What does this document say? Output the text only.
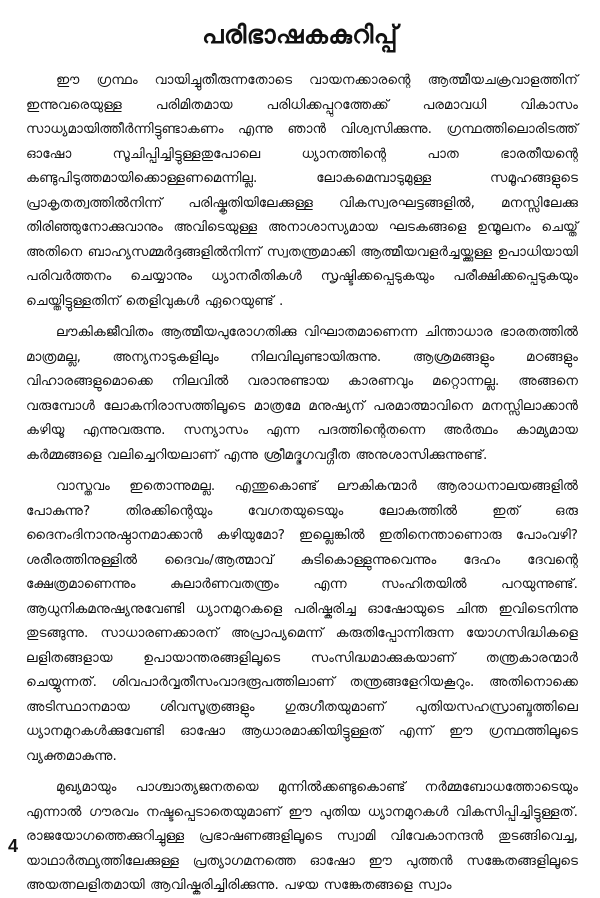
പരിഭാഷകകുറിപ്പ്

ഈ ഗ്രന്ഥം വായിച്ചുതീരുന്നതോടെ വായനക്കാരന്റെ ആത്മീയചക്രവാളത്തിന് ഇന്നുവരെയുള്ള പരിമിതമായ പരിധിക്കപ്പുറത്തേക്ക് പരമാവധി വികാസം സാധ്യമായിത്തീർന്നിട്ടുണ്ടാകണം എന്നു ഞാൻ വിശ്വസിക്കുന്നു. ഗ്രന്ഥത്തിലൊരിടത്ത് ഓഷോ സൂചിപ്പിച്ചിട്ടുള്ളതുപോലെ ധ്യാനത്തിന്റെ പാത ഭാരതീയന്റെ കണ്ടുപിടുത്തമായിക്കൊള്ളണമെന്നില്ല. ലോകമെമ്പാടുമുള്ള സമൂഹങ്ങളുടെ പ്രാകൃതത്വത്തിൽനിന്ന് പരിഷ്കൃതിയിലേക്കുള്ള വികസ്വരഘട്ടങ്ങളിൽ, മനസ്സിലേക്കു തിരിഞ്ഞുനോക്കുവാനും അവിടെയുള്ള അനാശാസ്യമായ ഘടകങ്ങളെ ഉന്മൂലനം ചെയ്ത് അതിനെ ബാഹ്യസമ്മർദ്ദങ്ങളിൽനിന്ന് സ്വതന്ത്രമാക്കി ആത്മീയവളർച്ചയ്ക്കുള്ള ഉപാധിയായി പരിവർത്തനം ചെയ്യാനും ധ്യാനരീതികൾ സൃഷ്ടിക്കപ്പെടുകയും പരീക്ഷിക്കപ്പെടുകയും ചെയ്തിട്ടുള്ളതിന് തെളിവുകൾ ഏറെയുണ്ട് .

ലൗകികജീവിതം ആത്മീയപുരോഗതിക്കു വിഘാതമാണെന്ന ചിന്താധാര ഭാരതത്തിൽ മാത്രമല്ല, അന്യനാടുകളിലും നിലവിലുണ്ടായിരുന്നു. ആശ്രമങ്ങളും മഠങ്ങളും വിഹാരങ്ങളുമൊക്കെ നിലവിൽ വരാനുണ്ടായ കാരണവും മറ്റൊന്നല്ല. അങ്ങനെ വരുമ്പോൾ ലോകനിരാസത്തിലൂടെ മാത്രമേ മനുഷ്യന് പരമാത്മാവിനെ മനസ്സിലാക്കാൻ കഴിയൂ എന്നുവരുന്നു. സന്യാസം എന്ന പദത്തിന്റെതന്നെ അർത്ഥം കാമ്യമായ കർമ്മങ്ങളെ വലിച്ചെറിയലാണ് എന്നു ശ്രീമദ്ഭഗവദ്ഗീത അനുശാസിക്കുന്നുണ്ട്.

വാസ്തവം ഇതൊന്നുമല്ല. എന്തുകൊണ്ട് ലൗകികന്മാർ ആരാധനാലയങ്ങളിൽ പോകുന്നു? തിരക്കിന്റെയും വേഗതയുടെയും ലോകത്തിൽ ഇത് ഒരു ദൈനംദിനാനുഷ്ഠാനമാക്കാൻ കഴിയുമോ? ഇല്ലെങ്കിൽ ഇതിനെന്താണൊരു പോംവഴി? ശരീരത്തിനുള്ളിൽ ദൈവം/ആത്മാവ് കുടികൊള്ളുന്നുവെന്നും ദേഹം ദേവന്റെ ക്ഷേത്രമാണെന്നും കുലാർണവതന്ത്രം എന്ന സംഹിതയിൽ പറയുന്നുണ്ട്. ആധുനികമനുഷ്യനുവേണ്ടി ധ്യാനമുറകളെ പരിഷ്കരിച്ച ഓഷോയുടെ ചിന്ത ഇവിടെനിന്നു തുടങ്ങുന്നു. സാധാരണക്കാരന് അപ്രാപ്യമെന്ന് കരുതിപ്പോന്നിരുന്ന യോഗസിദ്ധികളെ ലളിതങ്ങളായ ഉപായാന്തരങ്ങളിലൂടെ സംസിദ്ധമാക്കുകയാണ് തന്ത്രകാരന്മാർ ചെയ്യുന്നത്. ശിവപാർവ്വതീസംവാദരൂപത്തിലാണ് തന്ത്രങ്ങളേറിയകൂറും. അതിനൊക്കെ അടിസ്ഥാനമായ ശിവസൂത്രങ്ങളും ഗുരുഗീതയുമാണ് പുതിയസഹസ്രാബ്ദത്തിലെ ധ്യാനമുറകൾക്കുവേണ്ടി ഓഷോ ആധാരമാക്കിയിട്ടുള്ളത് എന്ന് ഈ ഗ്രന്ഥത്തിലൂടെ വ്യക്തമാകുന്നു.

മുഖ്യമായും പാശ്ചാത്യജനതയെ മുന്നിൽക്കണ്ടുകൊണ്ട് നർമ്മബോധത്തോടെയും എന്നാൽ ഗൗരവം നഷ്ടപ്പെടാതെയുമാണ് ഈ പുതിയ ധ്യാനമുറകൾ വികസിപ്പിച്ചിട്ടുള്ളത്. രാജയോഗത്തെക്കുറിച്ചുള്ള പ്രഭാഷണങ്ങളിലൂടെ സ്വാമി വിവേകാനന്ദൻ തുടങ്ങിവെച്ച, യാഥാർത്ഥ്യത്തിലേക്കുള്ള പ്രത്യാഗമനത്തെ ഓഷോ ഈ പുത്തൻ സങ്കേതങ്ങളിലൂടെ അയത്നലളിതമായി ആവിഷ്കരിച്ചിരിക്കുന്നു. പഴയ സങ്കേതങ്ങളെ സ്വാം

4
